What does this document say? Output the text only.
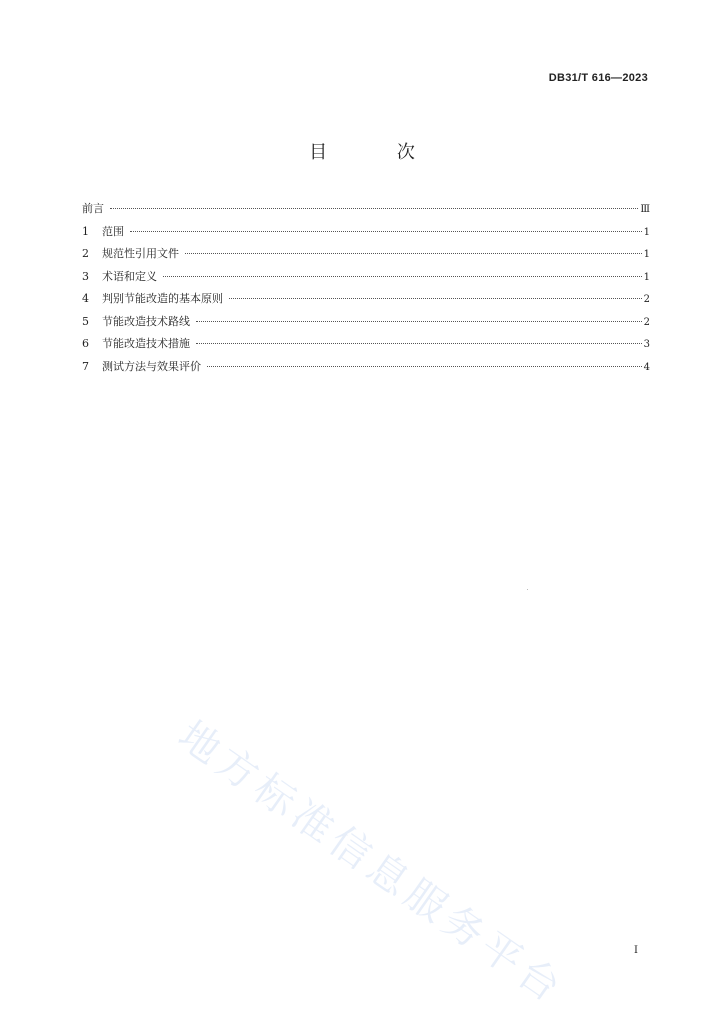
DB31/T 616—2023
目 次
前言	Ⅲ
1	范围	1
2	规范性引用文件	1
3	术语和定义	1
4	判别节能改造的基本原则	2
5	节能改造技术路线	2
6	节能改造技术措施	3
7	测试方法与效果评价	4
地方标准信息服务平台	I
